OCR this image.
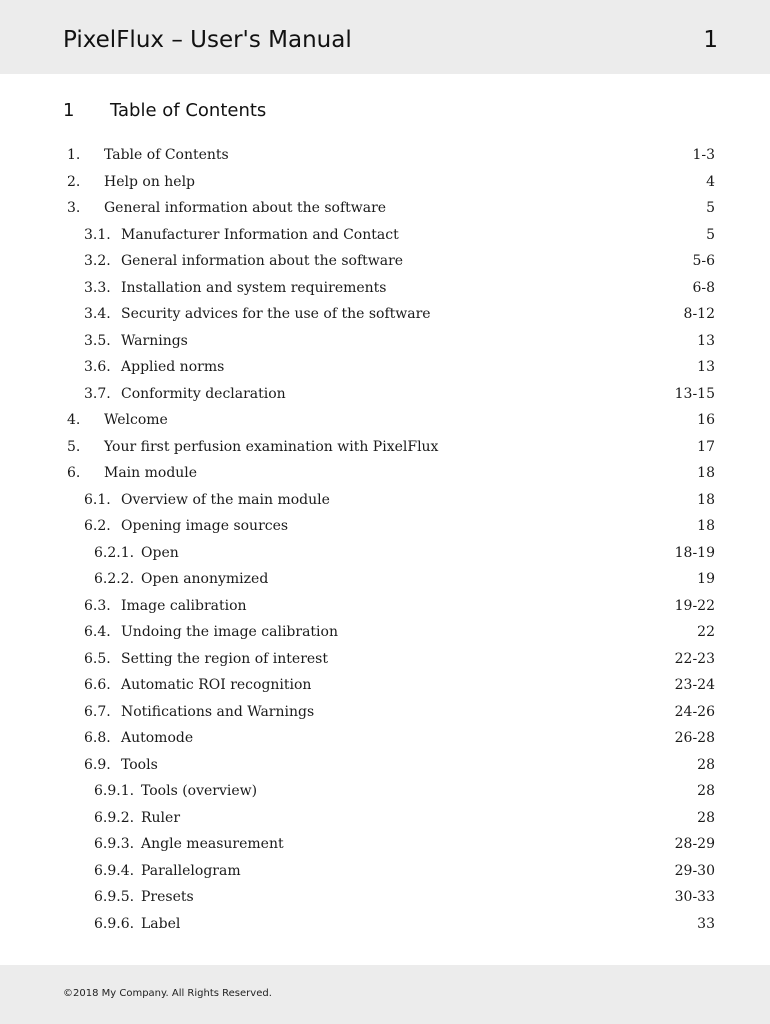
PixelFlux – User's Manual	1
1 Table of Contents
1. Table of Contents	1-3
2. Help on help	4
3. General information about the software	5
3.1. Manufacturer Information and Contact	5
3.2. General information about the software	5-6
3.3. Installation and system requirements	6-8
3.4. Security advices for the use of the software	8-12
3.5. Warnings	13
3.6. Applied norms	13
3.7. Conformity declaration	13-15
4. Welcome	16
5. Your first perfusion examination with PixelFlux	17
6. Main module	18
6.1. Overview of the main module	18
6.2. Opening image sources	18
6.2.1. Open	18-19
6.2.2. Open anonymized	19
6.3. Image calibration	19-22
6.4. Undoing the image calibration	22
6.5. Setting the region of interest	22-23
6.6. Automatic ROI recognition	23-24
6.7. Notifications and Warnings	24-26
6.8. Automode	26-28
6.9. Tools	28
6.9.1. Tools (overview)	28
6.9.2. Ruler	28
6.9.3. Angle measurement	28-29
6.9.4. Parallelogram	29-30
6.9.5. Presets	30-33
6.9.6. Label	33
©2018 My Company. All Rights Reserved.
